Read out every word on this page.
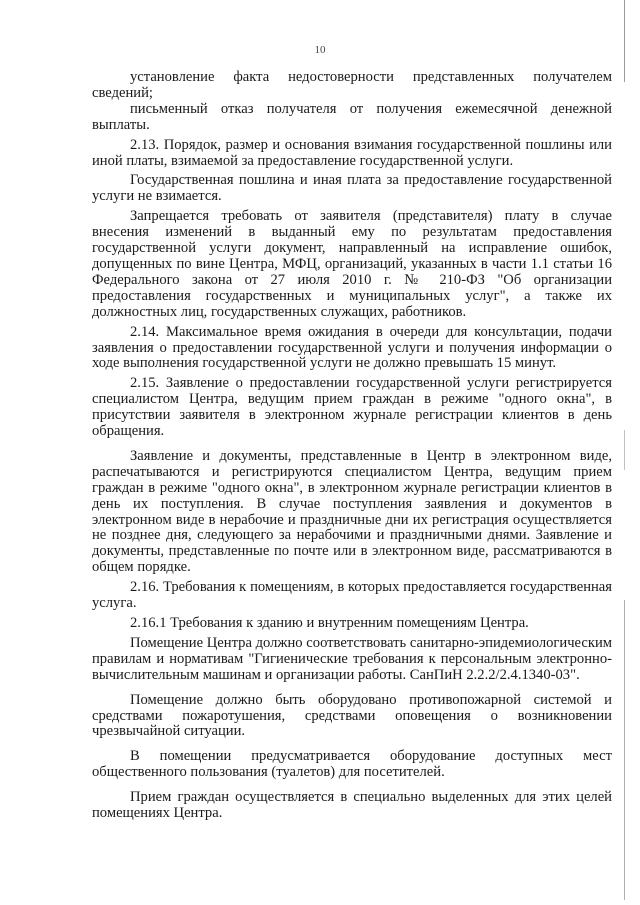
10

установление факта недостоверности представленных получателем сведений;

письменный отказ получателя от получения ежемесячной денежной выплаты.

2.13. Порядок, размер и основания взимания государственной пошлины или иной платы, взимаемой за предоставление государственной услуги.

Государственная пошлина и иная плата за предоставление государственной услуги не взимается.

Запрещается требовать от заявителя (представителя) плату в случае внесения изменений в выданный ему по результатам предоставления государственной услуги документ, направленный на исправление ошибок, допущенных по вине Центра, МФЦ, организаций, указанных в части 1.1 статьи 16 Федерального закона от 27 июля 2010 г. № 210-ФЗ "Об организации предоставления государственных и муниципальных услуг", а также их должностных лиц, государственных служащих, работников.

2.14. Максимальное время ожидания в очереди для консультации, подачи заявления о предоставлении государственной услуги и получения информации о ходе выполнения государственной услуги не должно превышать 15 минут.

2.15. Заявление о предоставлении государственной услуги регистрируется специалистом Центра, ведущим прием граждан в режиме "одного окна", в присутствии заявителя в электронном журнале регистрации клиентов в день обращения.

Заявление и документы, представленные в Центр в электронном виде, распечатываются и регистрируются специалистом Центра, ведущим прием граждан в режиме "одного окна", в электронном журнале регистрации клиентов в день их поступления. В случае поступления заявления и документов в электронном виде в нерабочие и праздничные дни их регистрация осуществляется не позднее дня, следующего за нерабочими и праздничными днями. Заявление и документы, представленные по почте или в электронном виде, рассматриваются в общем порядке.

2.16. Требования к помещениям, в которых предоставляется государственная услуга.

2.16.1 Требования к зданию и внутренним помещениям Центра.

Помещение Центра должно соответствовать санитарно-эпидемиологическим правилам и нормативам "Гигиенические требования к персональным электронно-вычислительным машинам и организации работы. СанПиН 2.2.2/2.4.1340-03".

Помещение должно быть оборудовано противопожарной системой и средствами пожаротушения, средствами оповещения о возникновении чрезвычайной ситуации.

В помещении предусматривается оборудование доступных мест общественного пользования (туалетов) для посетителей.

Прием граждан осуществляется в специально выделенных для этих целей помещениях Центра.
